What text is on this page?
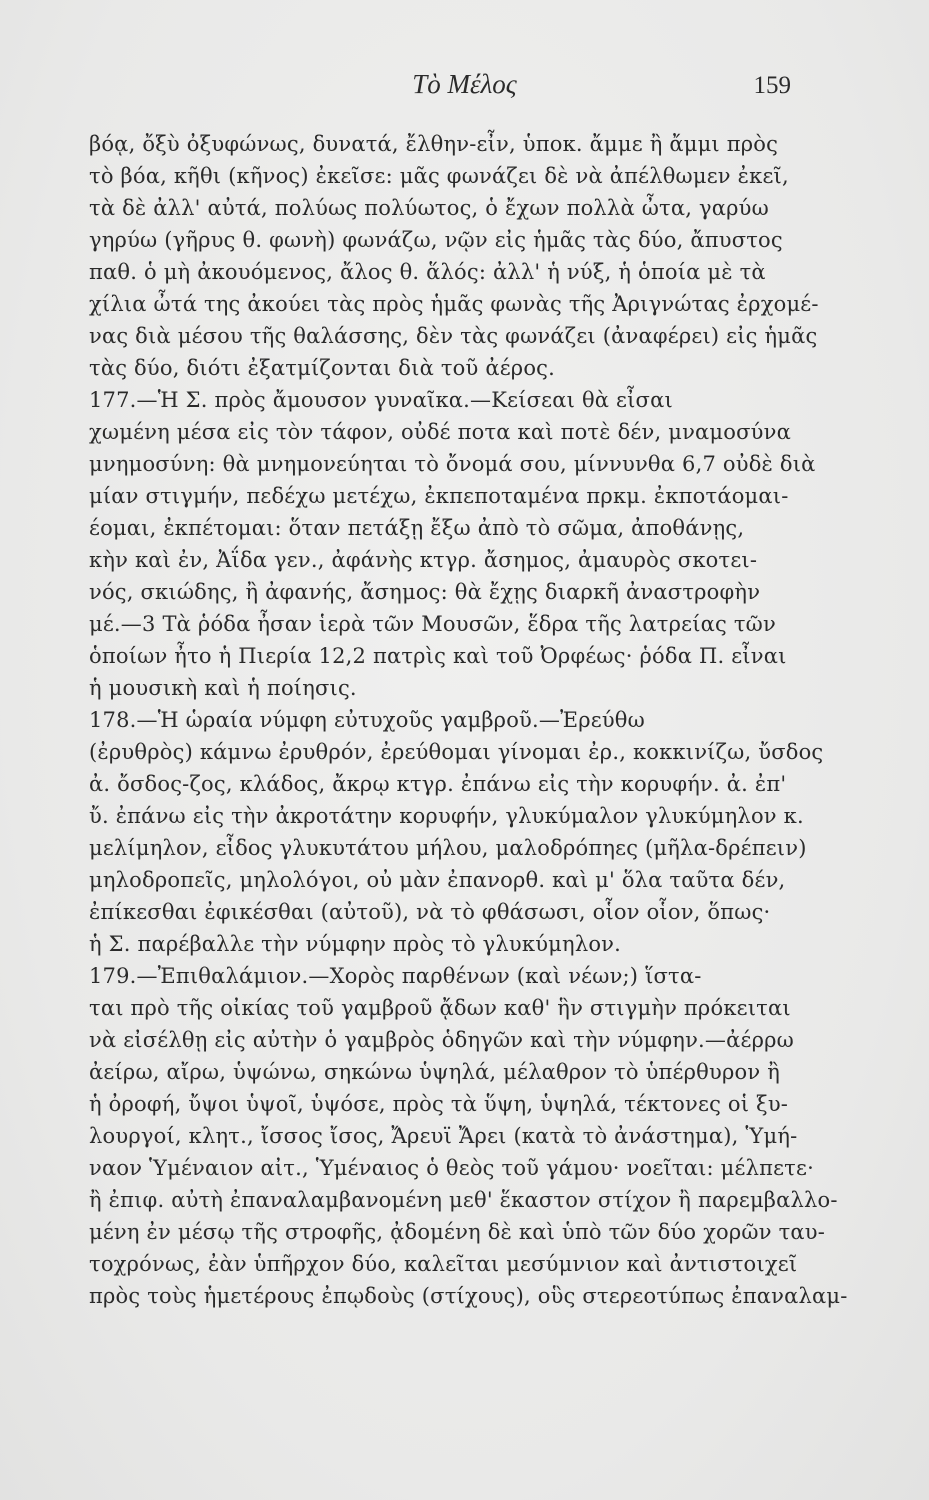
Τὸ Μέλος	159
βόᾳ, ὄξὺ ὀξυφώνως, δυνατά, ἔλθην-εἶν, ὑποκ. ἄμμε ἢ ἄμμι πρὸς
τὸ βόα, κῆθι (κῆνος) ἐκεῖσε: μᾶς φωνάζει δὲ νὰ ἀπέλθωμεν ἐκεῖ,
τὰ δὲ ἀλλ' αὐτά, πολύως πολύωτος, ὁ ἔχων πολλὰ ὦτα, γαρύω
γηρύω (γῆρυς θ. φωνὴ) φωνάζω, νῷν εἰς ἡμᾶς τὰς δύο, ἄπυστος
παθ. ὁ μὴ ἀκουόμενος, ἄλος θ. ἅλός: ἀλλ' ἡ νύξ, ἡ ὁποία μὲ τὰ
χίλια ὦτά της ἀκούει τὰς πρὸς ἡμᾶς φωνὰς τῆς Ἀριγνώτας ἐρχομέ-
νας διὰ μέσου τῆς θαλάσσης, δὲν τὰς φωνάζει (ἀναφέρει) εἰς ἡμᾶς
τὰς δύο, διότι ἐξατμίζονται διὰ τοῦ ἀέρος.
177.—Ἡ Σ. πρὸς ἄμουσον γυναῖκα.—Κείσεαι θὰ εἶσαι
χωμένη μέσα εἰς τὸν τάφον, οὐδέ ποτα καὶ ποτὲ δέν, μναμοσύνα
μνημοσύνη: θὰ μνημονεύηται τὸ ὄνομά σου, μίννυνθα 6,7 οὐδὲ διὰ
μίαν στιγμήν, πεδέχω μετέχω, ἐκπεποταμένα πρκμ. ἐκποτάομαι-
έομαι, ἐκπέτομαι: ὅταν πετάξῃ ἔξω ἀπὸ τὸ σῶμα, ἀποθάνῃς,
κὴν καὶ ἐν, Ἀΐδα γεν., ἀφάνὴς κτγρ. ἄσημος, ἀμαυρὸς σκοτει-
νός, σκιώδης, ἢ ἀφανής, ἄσημος: θὰ ἔχῃς διαρκῆ ἀναστροφὴν
μέ.—3 Τὰ ῥόδα ἦσαν ἱερὰ τῶν Μουσῶν, ἕδρα τῆς λατρείας τῶν
ὁποίων ἦτο ἡ Πιερία 12,2 πατρὶς καὶ τοῦ Ὀρφέως· ῥόδα Π. εἶναι
ἡ μουσικὴ καὶ ἡ ποίησις.
178.—Ἡ ὡραία νύμφη εὐτυχοῦς γαμβροῦ.—Ἐρεύθω
(ἐρυθρὸς) κάμνω ἐρυθρόν, ἐρεύθομαι γίνομαι ἐρ., κοκκινίζω, ὔσδος
ἀ. ὄσδος-ζος, κλάδος, ἄκρῳ κτγρ. ἐπάνω εἰς τὴν κορυφήν. ἀ. ἐπ'
ὔ. ἐπάνω εἰς τὴν ἀκροτάτην κορυφήν, γλυκύμαλον γλυκύμηλον κ.
μελίμηλον, εἶδος γλυκυτάτου μήλου, μαλοδρόπηες (μῆλα-δρέπειν)
μηλοδροπεῖς, μηλολόγοι, οὐ μὰν ἐπανορθ. καὶ μ' ὅλα ταῦτα δέν,
ἐπίκεσθαι ἐφικέσθαι (αὐτοῦ), νὰ τὸ φθάσωσι, οἷον οἷον, ὅπως·
ἡ Σ. παρέβαλλε τὴν νύμφην πρὸς τὸ γλυκύμηλον.
179.—Ἐπιθαλάμιον.—Χορὸς παρθένων (καὶ νέων;) ἵστα-
ται πρὸ τῆς οἰκίας τοῦ γαμβροῦ ᾄδων καθ' ἣν στιγμὴν πρόκειται
νὰ εἰσέλθῃ εἰς αὐτὴν ὁ γαμβρὸς ὁδηγῶν καὶ τὴν νύμφην.—ἀέρρω
ἀείρω, αἴρω, ὑψώνω, σηκώνω ὑψηλά, μέλαθρον τὸ ὑπέρθυρον ἢ
ἡ ὀροφή, ὔψοι ὑψοῖ, ὑψόσε, πρὸς τὰ ὕψη, ὑψηλά, τέκτονες οἱ ξυ-
λουργοί, κλητ., ἴσσος ἴσος, Ἄρευϊ Ἄρει (κατὰ τὸ ἀνάστημα), Ὑμή-
ναον Ὑμέναιον αἰτ., Ὑμέναιος ὁ θεὸς τοῦ γάμου· νοεῖται: μέλπετε·
ἢ ἐπιφ. αὐτὴ ἐπαναλαμβανομένη μεθ' ἕκαστον στίχον ἢ παρεμβαλλο-
μένη ἐν μέσῳ τῆς στροφῆς, ᾀδομένη δὲ καὶ ὑπὸ τῶν δύο χορῶν ταυ-
τοχρόνως, ἐὰν ὑπῆρχον δύο, καλεῖται μεσύμνιον καὶ ἀντιστοιχεῖ
πρὸς τοὺς ἡμετέρους ἐπῳδοὺς (στίχους), οὓς στερεοτύπως ἐπαναλαμ-
